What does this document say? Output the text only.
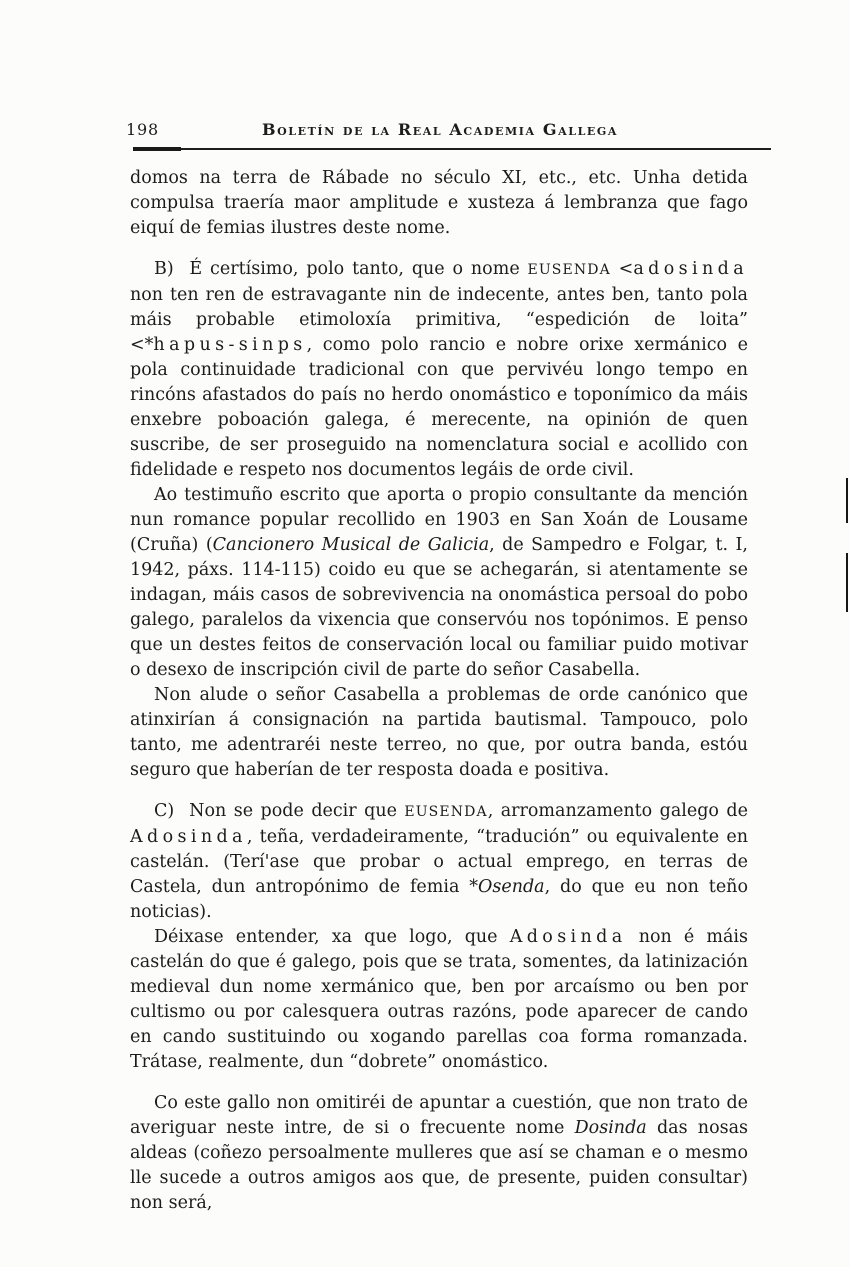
198	Boletín de la Real Academia Gallega

domos na terra de Rábade no século XI, etc., etc. Unha detida compulsa traería maor amplitude e xusteza á lembranza que fago eiquí de femias ilustres deste nome.

B)  É certísimo, polo tanto, que o nome EUSENDA <adosinda non ten ren de estravagante nin de indecente, antes ben, tanto pola máis probable etimoloxía primitiva, “espedición de loita” <*hapus-sinps, como polo rancio e nobre orixe xermánico e pola continuidade tradicional con que pervivéu longo tempo en rincóns afastados do país no herdo onomástico e toponímico da máis enxebre poboación galega, é merecente, na opinión de quen suscribe, de ser proseguido na nomenclatura social e acollido con fidelidade e respeto nos documentos legáis de orde civil.

Ao testimuño escrito que aporta o propio consultante da mención nun romance popular recollido en 1903 en San Xoán de Lousame (Cruña) (Cancionero Musical de Galicia, de Sampedro e Folgar, t. I, 1942, páxs. 114-115) coido eu que se achegarán, si atentamente se indagan, máis casos de sobrevivencia na onomástica persoal do pobo galego, paralelos da vixencia que conservóu nos topónimos. E penso que un destes feitos de conservación local ou familiar puido motivar o desexo de inscripción civil de parte do señor Casabella.

Non alude o señor Casabella a problemas de orde canónico que atinxirían á consignación na partida bautismal. Tampouco, polo tanto, me adentraréi neste terreo, no que, por outra banda, estóu seguro que haberían de ter resposta doada e positiva.

C)  Non se pode decir que EUSENDA, arromanzamento galego de Adosinda, teña, verdadeiramente, “tradución” ou equivalente en castelán. (Terí'ase que probar o actual emprego, en terras de Castela, dun antropónimo de femia *Osenda, do que eu non teño noticias).

Déixase entender, xa que logo, que Adosinda non é máis castelán do que é galego, pois que se trata, somentes, da latinización medieval dun nome xermánico que, ben por arcaísmo ou ben por cultismo ou por calesquera outras razóns, pode aparecer de cando en cando sustituindo ou xogando parellas coa forma romanzada. Trátase, realmente, dun “dobrete” onomástico.

Co este gallo non omitiréi de apuntar a cuestión, que non trato de averiguar neste intre, de si o frecuente nome Dosinda das nosas aldeas (coñezo persoalmente mulleres que así se chaman e o mesmo lle sucede a outros amigos aos que, de presente, puiden consultar) non será,
